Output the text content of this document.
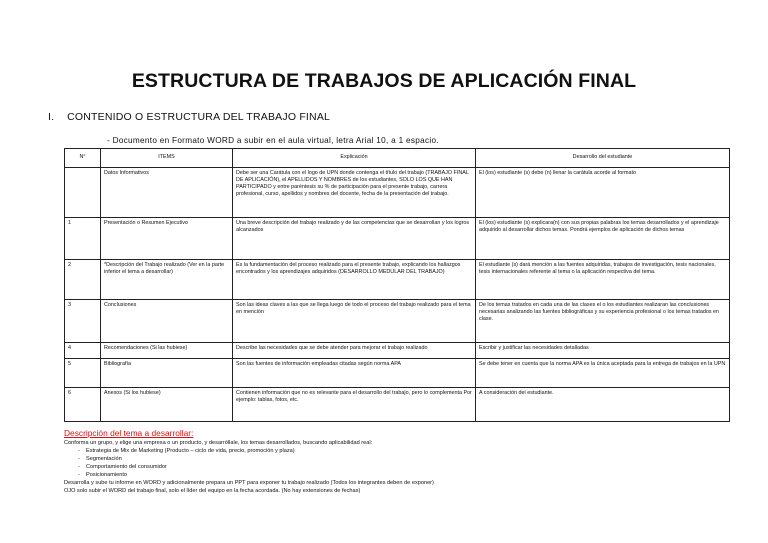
ESTRUCTURA DE TRABAJOS DE APLICACIÓN FINAL
I. CONTENIDO O ESTRUCTURA DEL TRABAJO FINAL
- Documento en Formato WORD a subir en el aula virtual, letra Arial 10, a 1 espacio.
N°	ITEMS	Explicación	Desarrollo del estudiante
	Datos Informativos	Debe ser una Carátula con el logo de UPN donde contenga el título del trabajo (TRABAJO FINAL DE APLICACIÓN), el APELLIDOS Y NOMBRES de los estudiantes, SOLO LOS QUE HAN PARTICIPADO y entre paréntesis su % de participación para el presente trabajo, carrera profesional, curso, apellidos y nombres del docente, fecha de la presentación del trabajo.	El (los) estudiante (s) debe (n) llenar la carátula acorde al formato
1	Presentación o Resumen Ejecutivo	Una breve descripción del trabajo realizado y de las competencias que se desarrollan y los logros alcanzados	El (los) estudiante (s) explicara(n) con sus propias palabras los temas desarrollados y el aprendizaje adquirido al desarrollar dichos temas. Pondrá ejemplos de aplicación de dichos temas
2	*Descripción del Trabajo realizado (Ver en la parte inferior el tema a desarrollar)	Es la fundamentación del proceso realizado para el presente trabajo, explicando los hallazgos encontrados y los aprendizajes adquiridos (DESARROLLO MEDULAR DEL TRABAJO)	El estudiante (s) dará mención a las fuentes adquiridas, trabajos de investigación, tesis nacionales, tesis internacionales referente al tema o la aplicación respectiva del tema.
3	Conclusiones	Son las ideas claves a las que se llega luego de todo el proceso del trabajo realizado para el tema en mención	De los temas tratados en cada una de las clases el o los estudiantes realizaran las conclusiones necesarias analizando las fuentes bibliográficas y su experiencia profesional o los temas tratados en clase.
4	Recomendaciones (Si las hubiese)	Describe las necesidades que se debe atender para mejorar el trabajo realizado	Escribir y justificar las necesidades detalladas
5	Bibliografía	Son las fuentes de información empleadas citadas según norma APA	Se debe tener en cuenta que la norma APA es la única aceptada para la entrega de trabajos en la UPN
6	Anexos (Si los hubiese)	Contienen información que no es relevante para el desarrollo del trabajo, pero lo complementa Por ejemplo: tablas, fotos, etc.	A consideración del estudiante.
Descripción del tema a desarrollar:
Conforma un grupo, y elige una empresa o un producto, y desarróllale, los temas desarrollados, buscando aplicabilidad real:
- Estrategia de Mix de Marketing (Producto – ciclo de vida, precio, promoción y plaza)
- Segmentación
- Comportamiento del consumidor
- Posicionamiento
Desarrolla y sube tu informe en WORD y adicionalmente prepara un PPT para exponer tu trabajo realizado (Todos los integrantes deben de exponer)
OJO solo subir el WORD del trabajo final, solo el líder del equipo en la fecha acordada. (No hay extensiones de fechas)
